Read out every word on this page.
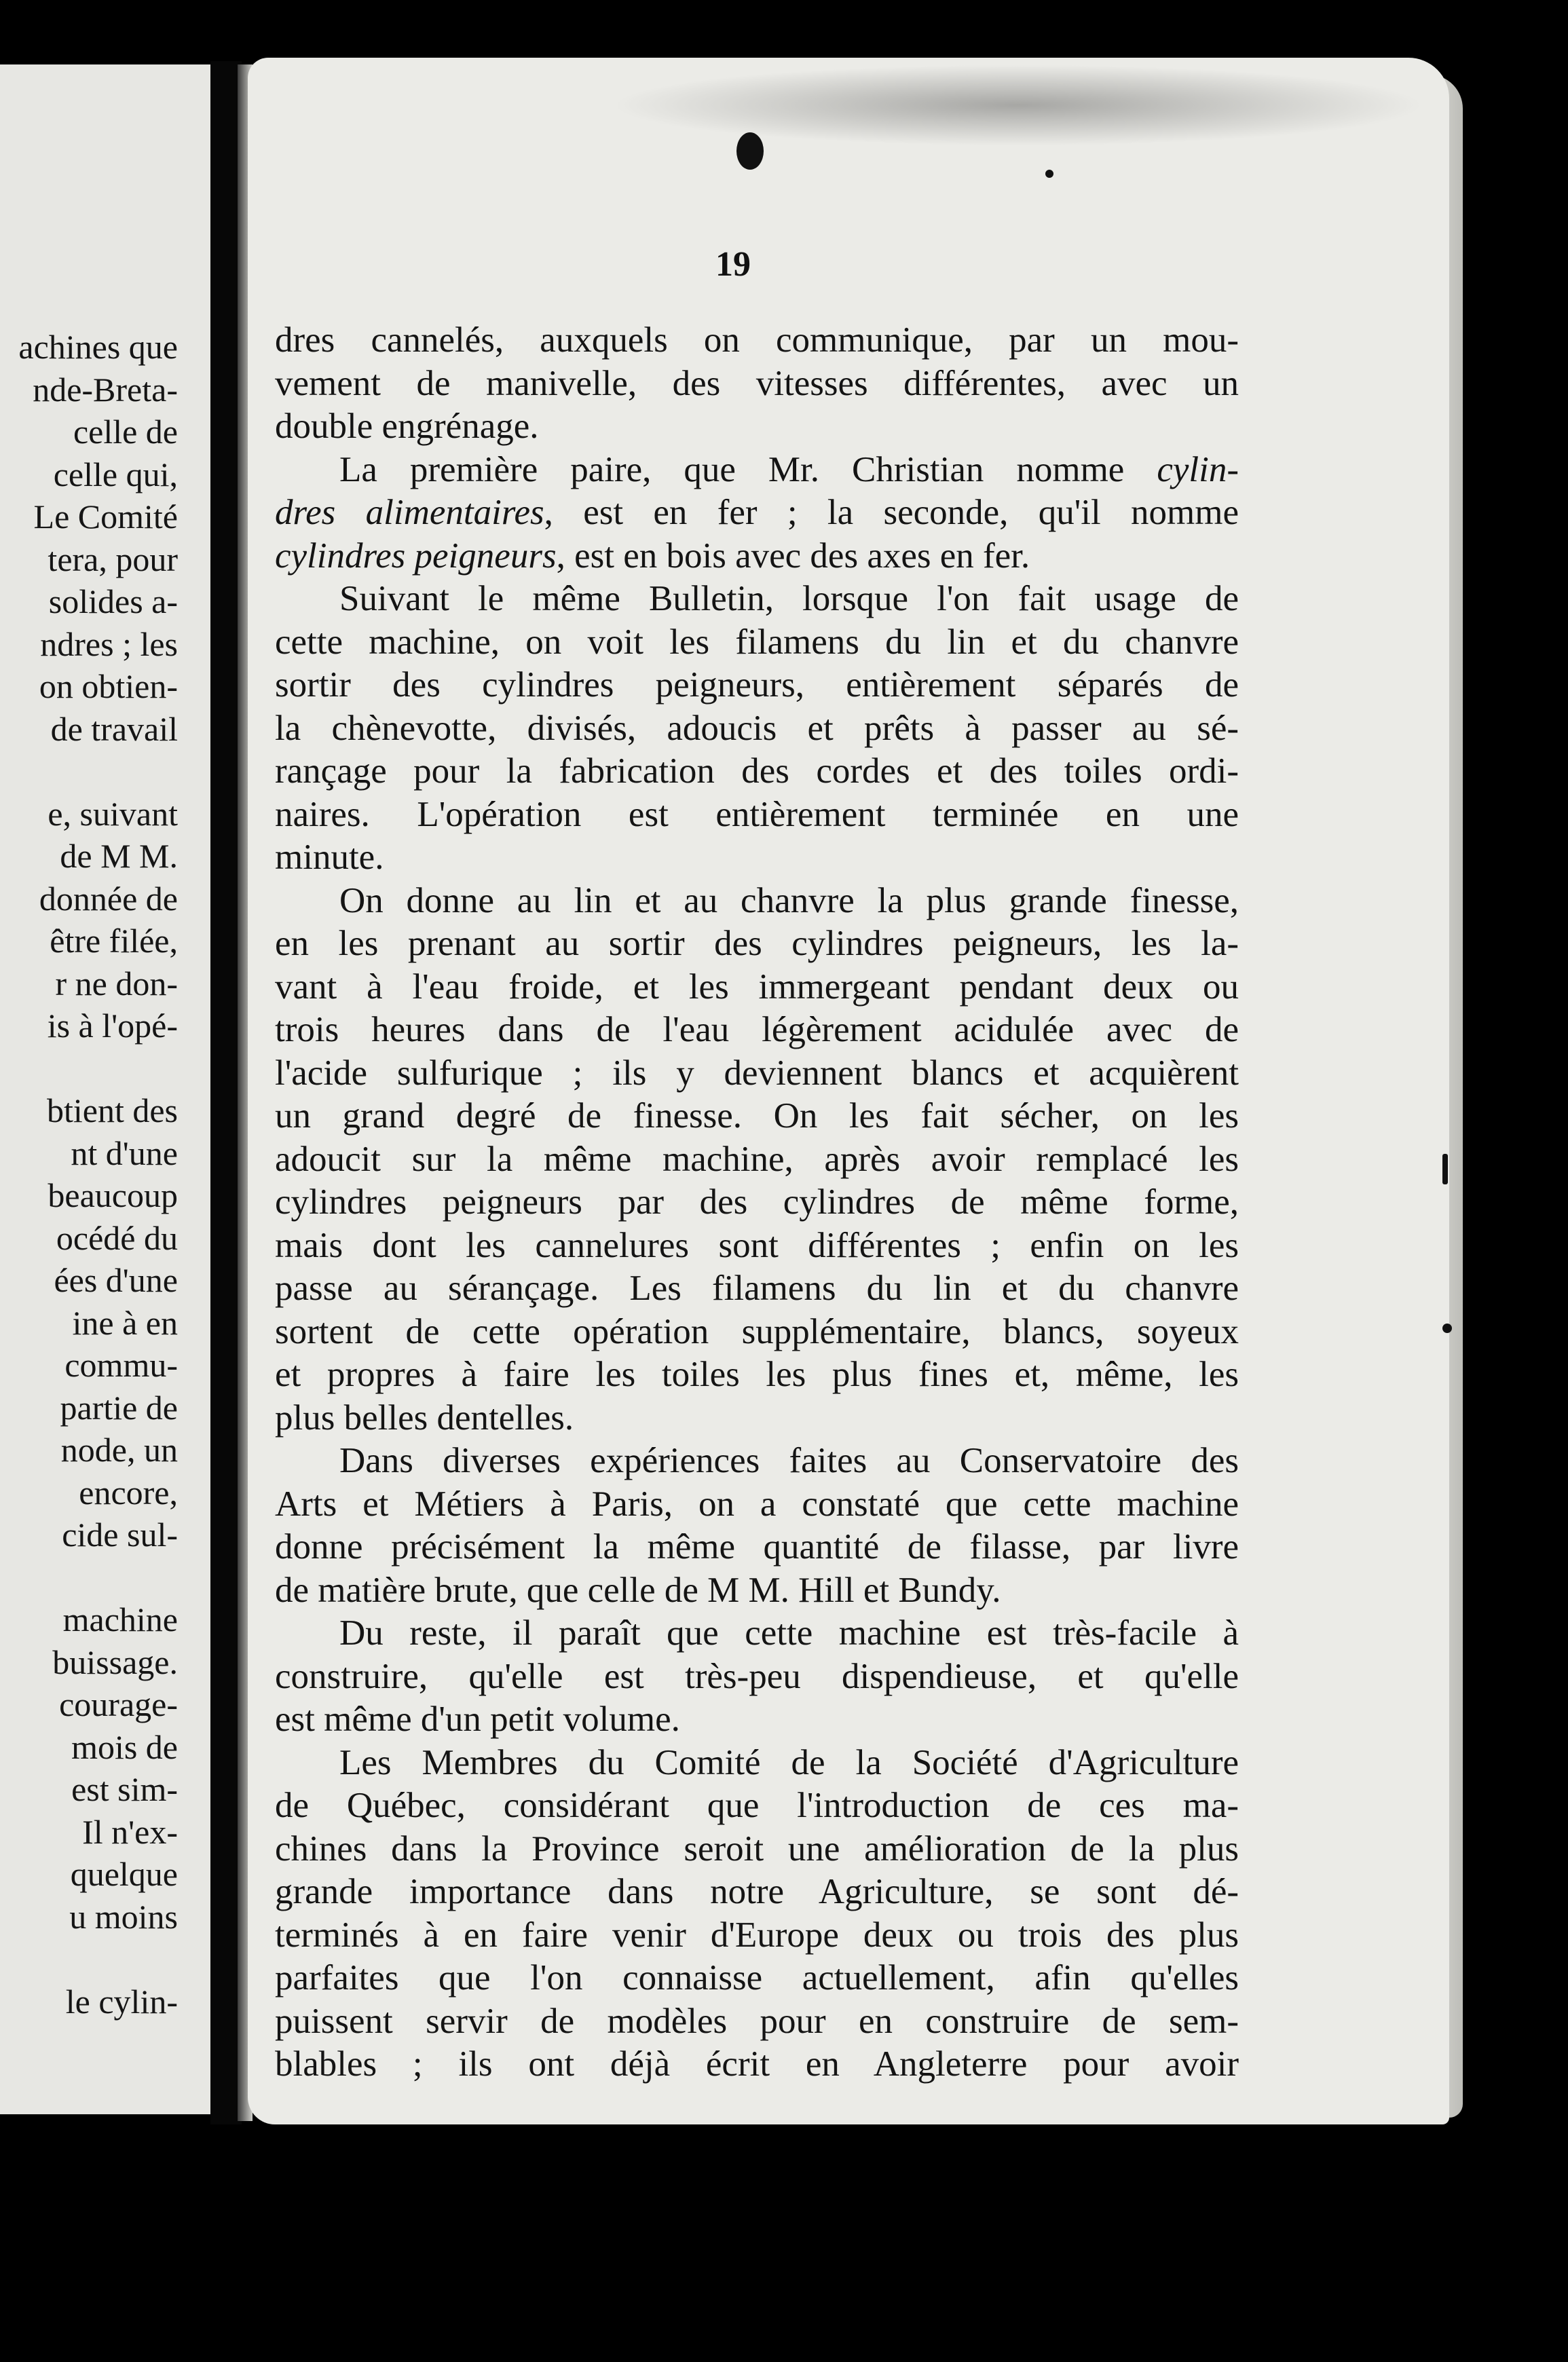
achines que
nde-Breta-
celle de
celle qui,
Le Comité
tera, pour
solides a-
ndres ; les
on obtien-
de travail
e, suivant
de M M.
donnée de
être filée,
r ne don-
is à l'opé-
btient des
nt d'une
beaucoup
océdé du
ées d'une
ine à en
commu-
partie de
node, un
encore,
cide sul-
machine
buissage.
courage-
mois de
est sim-
Il n'ex-
quelque
u moins
le cylin-
19
dres cannelés, auxquels on communique, par un mou-
vement de manivelle, des vitesses différentes, avec un
double engrénage.
La première paire, que Mr. Christian nomme cylin-
dres alimentaires, est en fer ; la seconde, qu'il nomme
cylindres peigneurs, est en bois avec des axes en fer.
Suivant le même Bulletin, lorsque l'on fait usage de
cette machine, on voit les filamens du lin et du chanvre
sortir des cylindres peigneurs, entièrement séparés de
la chènevotte, divisés, adoucis et prêts à passer au sé-
rançage pour la fabrication des cordes et des toiles ordi-
naires. L'opération est entièrement terminée en une
minute.
On donne au lin et au chanvre la plus grande finesse,
en les prenant au sortir des cylindres peigneurs, les la-
vant à l'eau froide, et les immergeant pendant deux ou
trois heures dans de l'eau légèrement acidulée avec de
l'acide sulfurique ; ils y deviennent blancs et acquièrent
un grand degré de finesse. On les fait sécher, on les
adoucit sur la même machine, après avoir remplacé les
cylindres peigneurs par des cylindres de même forme,
mais dont les cannelures sont différentes ; enfin on les
passe au sérançage. Les filamens du lin et du chanvre
sortent de cette opération supplémentaire, blancs, soyeux
et propres à faire les toiles les plus fines et, même, les
plus belles dentelles.
Dans diverses expériences faites au Conservatoire des
Arts et Métiers à Paris, on a constaté que cette machine
donne précisément la même quantité de filasse, par livre
de matière brute, que celle de M M. Hill et Bundy.
Du reste, il paraît que cette machine est très-facile à
construire, qu'elle est très-peu dispendieuse, et qu'elle
est même d'un petit volume.
Les Membres du Comité de la Société d'Agriculture
de Québec, considérant que l'introduction de ces ma-
chines dans la Province seroit une amélioration de la plus
grande importance dans notre Agriculture, se sont dé-
terminés à en faire venir d'Europe deux ou trois des plus
parfaites que l'on connaisse actuellement, afin qu'elles
puissent servir de modèles pour en construire de sem-
blables ; ils ont déjà écrit en Angleterre pour avoir
